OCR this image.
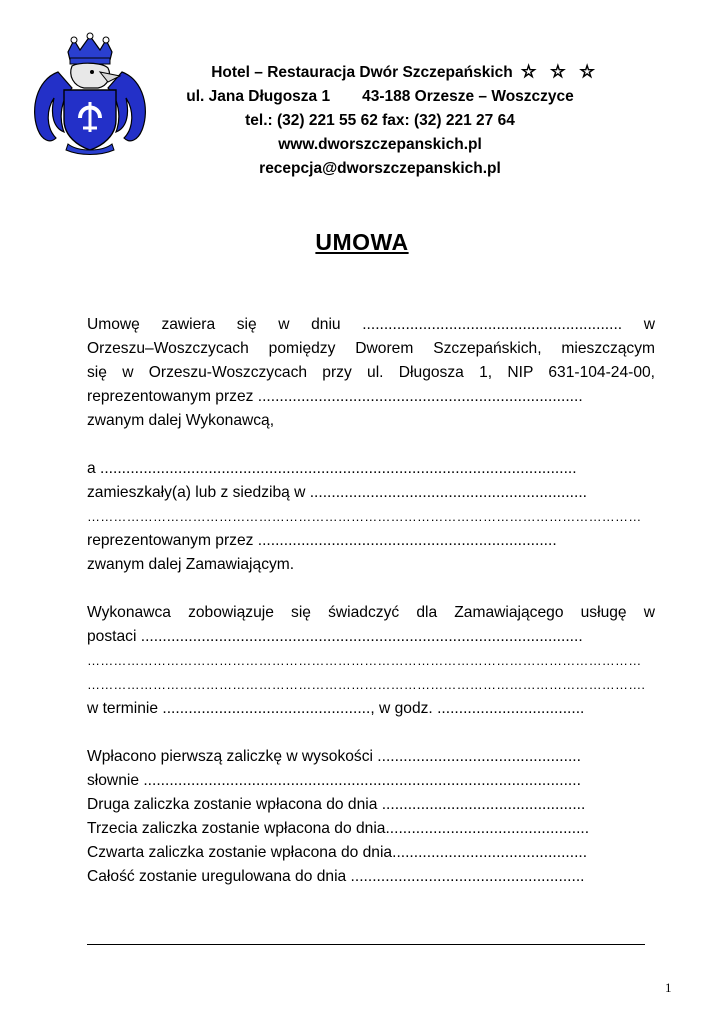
Hotel – Restauracja Dwór Szczepańskich ☆☆☆
ul. Jana Długosza 1 43-188 Orzesze – Woszczyce
tel.: (32) 221 55 62 fax: (32) 221 27 64
www.dworszczepanskich.pl
recepcja@dworszczepanskich.pl
UMOWA
Umowę zawiera się w dniu ............................................................ w
Orzeszu–Woszczycach pomiędzy Dworem Szczepańskich, mieszczącym
się w Orzeszu-Woszczycach przy ul. Długosza 1, NIP 631-104-24-00,
reprezentowanym przez ...........................................................................
zwanym dalej Wykonawcą,
a ..............................................................................................................
zamieszkały(a) lub z siedzibą w ................................................................
………………………………………………………………………………………………………………
reprezentowanym przez .....................................................................
zwanym dalej Zamawiającym.
Wykonawca zobowiązuje się świadczyć dla Zamawiającego usługę w
postaci ......................................................................................................
………………………………………………………………………………………………………………
……………………………………………………………………………………………………………….
w terminie ................................................, w godz. ..................................
Wpłacono pierwszą zaliczkę w wysokości ...............................................
słownie .....................................................................................................
Druga zaliczka zostanie wpłacona do dnia ...............................................
Trzecia zaliczka zostanie wpłacona do dnia...............................................
Czwarta zaliczka zostanie wpłacona do dnia.............................................
Całość zostanie uregulowana do dnia ......................................................
1
